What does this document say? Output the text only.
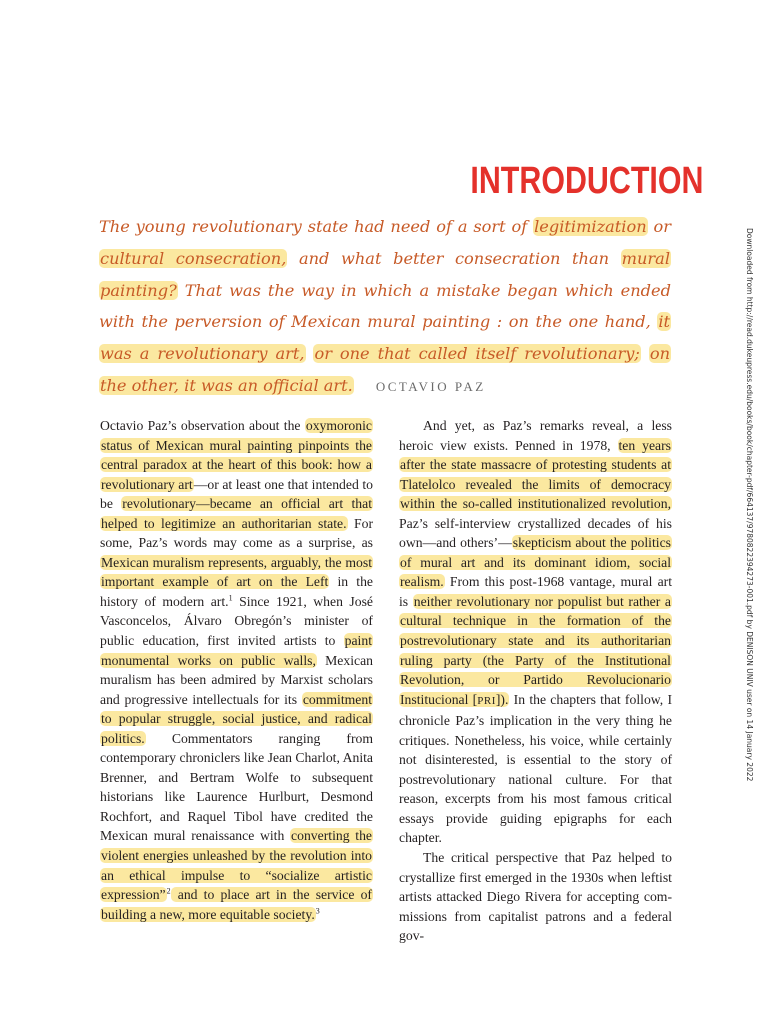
INTRODUCTION

The young revolutionary state had need of a sort of legitimization or cultural consecration, and what better consecration than mural painting? That was the way in which a mistake began which ended with the perversion of Mexican mural painting : on the one hand, it was a revolutionary art, or one that called itself revolutionary; on the other, it was an official art. OCTAVIO PAZ

Octavio Paz’s observation about the oxymoronic status of Mexican mural painting pinpoints the central paradox at the heart of this book: how a revolutionary art—or at least one that intended to be revolutionary—became an official art that helped to legitimize an authoritarian state. For some, Paz’s words may come as a surprise, as Mexican muralism represents, arguably, the most important example of art on the Left in the history of modern art.$^1$ Since 1921, when José Vasconcelos, Álvaro Obregón’s minister of public education, first invited artists to paint monumental works on public walls, Mexican muralism has been admired by Marxist scholars and progressive intellectuals for its commitment to popular struggle, social justice, and radical politics. Commentators ranging from contemporary chroniclers like Jean Charlot, Anita Brenner, and Bertram Wolfe to subsequent historians like Laurence Hurlburt, Desmond Rochfort, and Raquel Tibol have credited the Mexican mural renaissance with converting the violent energies unleashed by the revolution into an ethical impulse to “socialize artistic expression”$^2$ and to place art in the service of building a new, more equitable society.$^3$

And yet, as Paz’s remarks reveal, a less heroic view exists. Penned in 1978, ten years after the state massacre of protesting students at Tlatelolco revealed the limits of democracy within the so-called institutionalized revolution, Paz’s self-interview crystallized decades of his own—and others’—skepticism about the politics of mural art and its dominant idiom, social realism. From this post-1968 vantage, mural art is neither revolutionary nor populist but rather a cultural technique in the formation of the postrevolutionary state and its authoritarian ruling party (the Party of the Institutional Revolution, or Partido Revolucionario Institucional [PRI]). In the chapters that follow, I chronicle Paz’s implication in the very thing he critiques. Nonetheless, his voice, while certainly not disinterested, is essential to the story of postrevolutionary national culture. For that reason, excerpts from his most famous critical essays provide guiding epigraphs for each chapter.

The critical perspective that Paz helped to crystallize first emerged in the 1930s when leftist artists attacked Diego Rivera for accepting commissions from capitalist patrons and a federal gov-

Downloaded from http://read.dukeupress.edu/books/book/chapter-pdf/664137/9780822394273-001.pdf by DENISON UNIV user on 14 January 2022
